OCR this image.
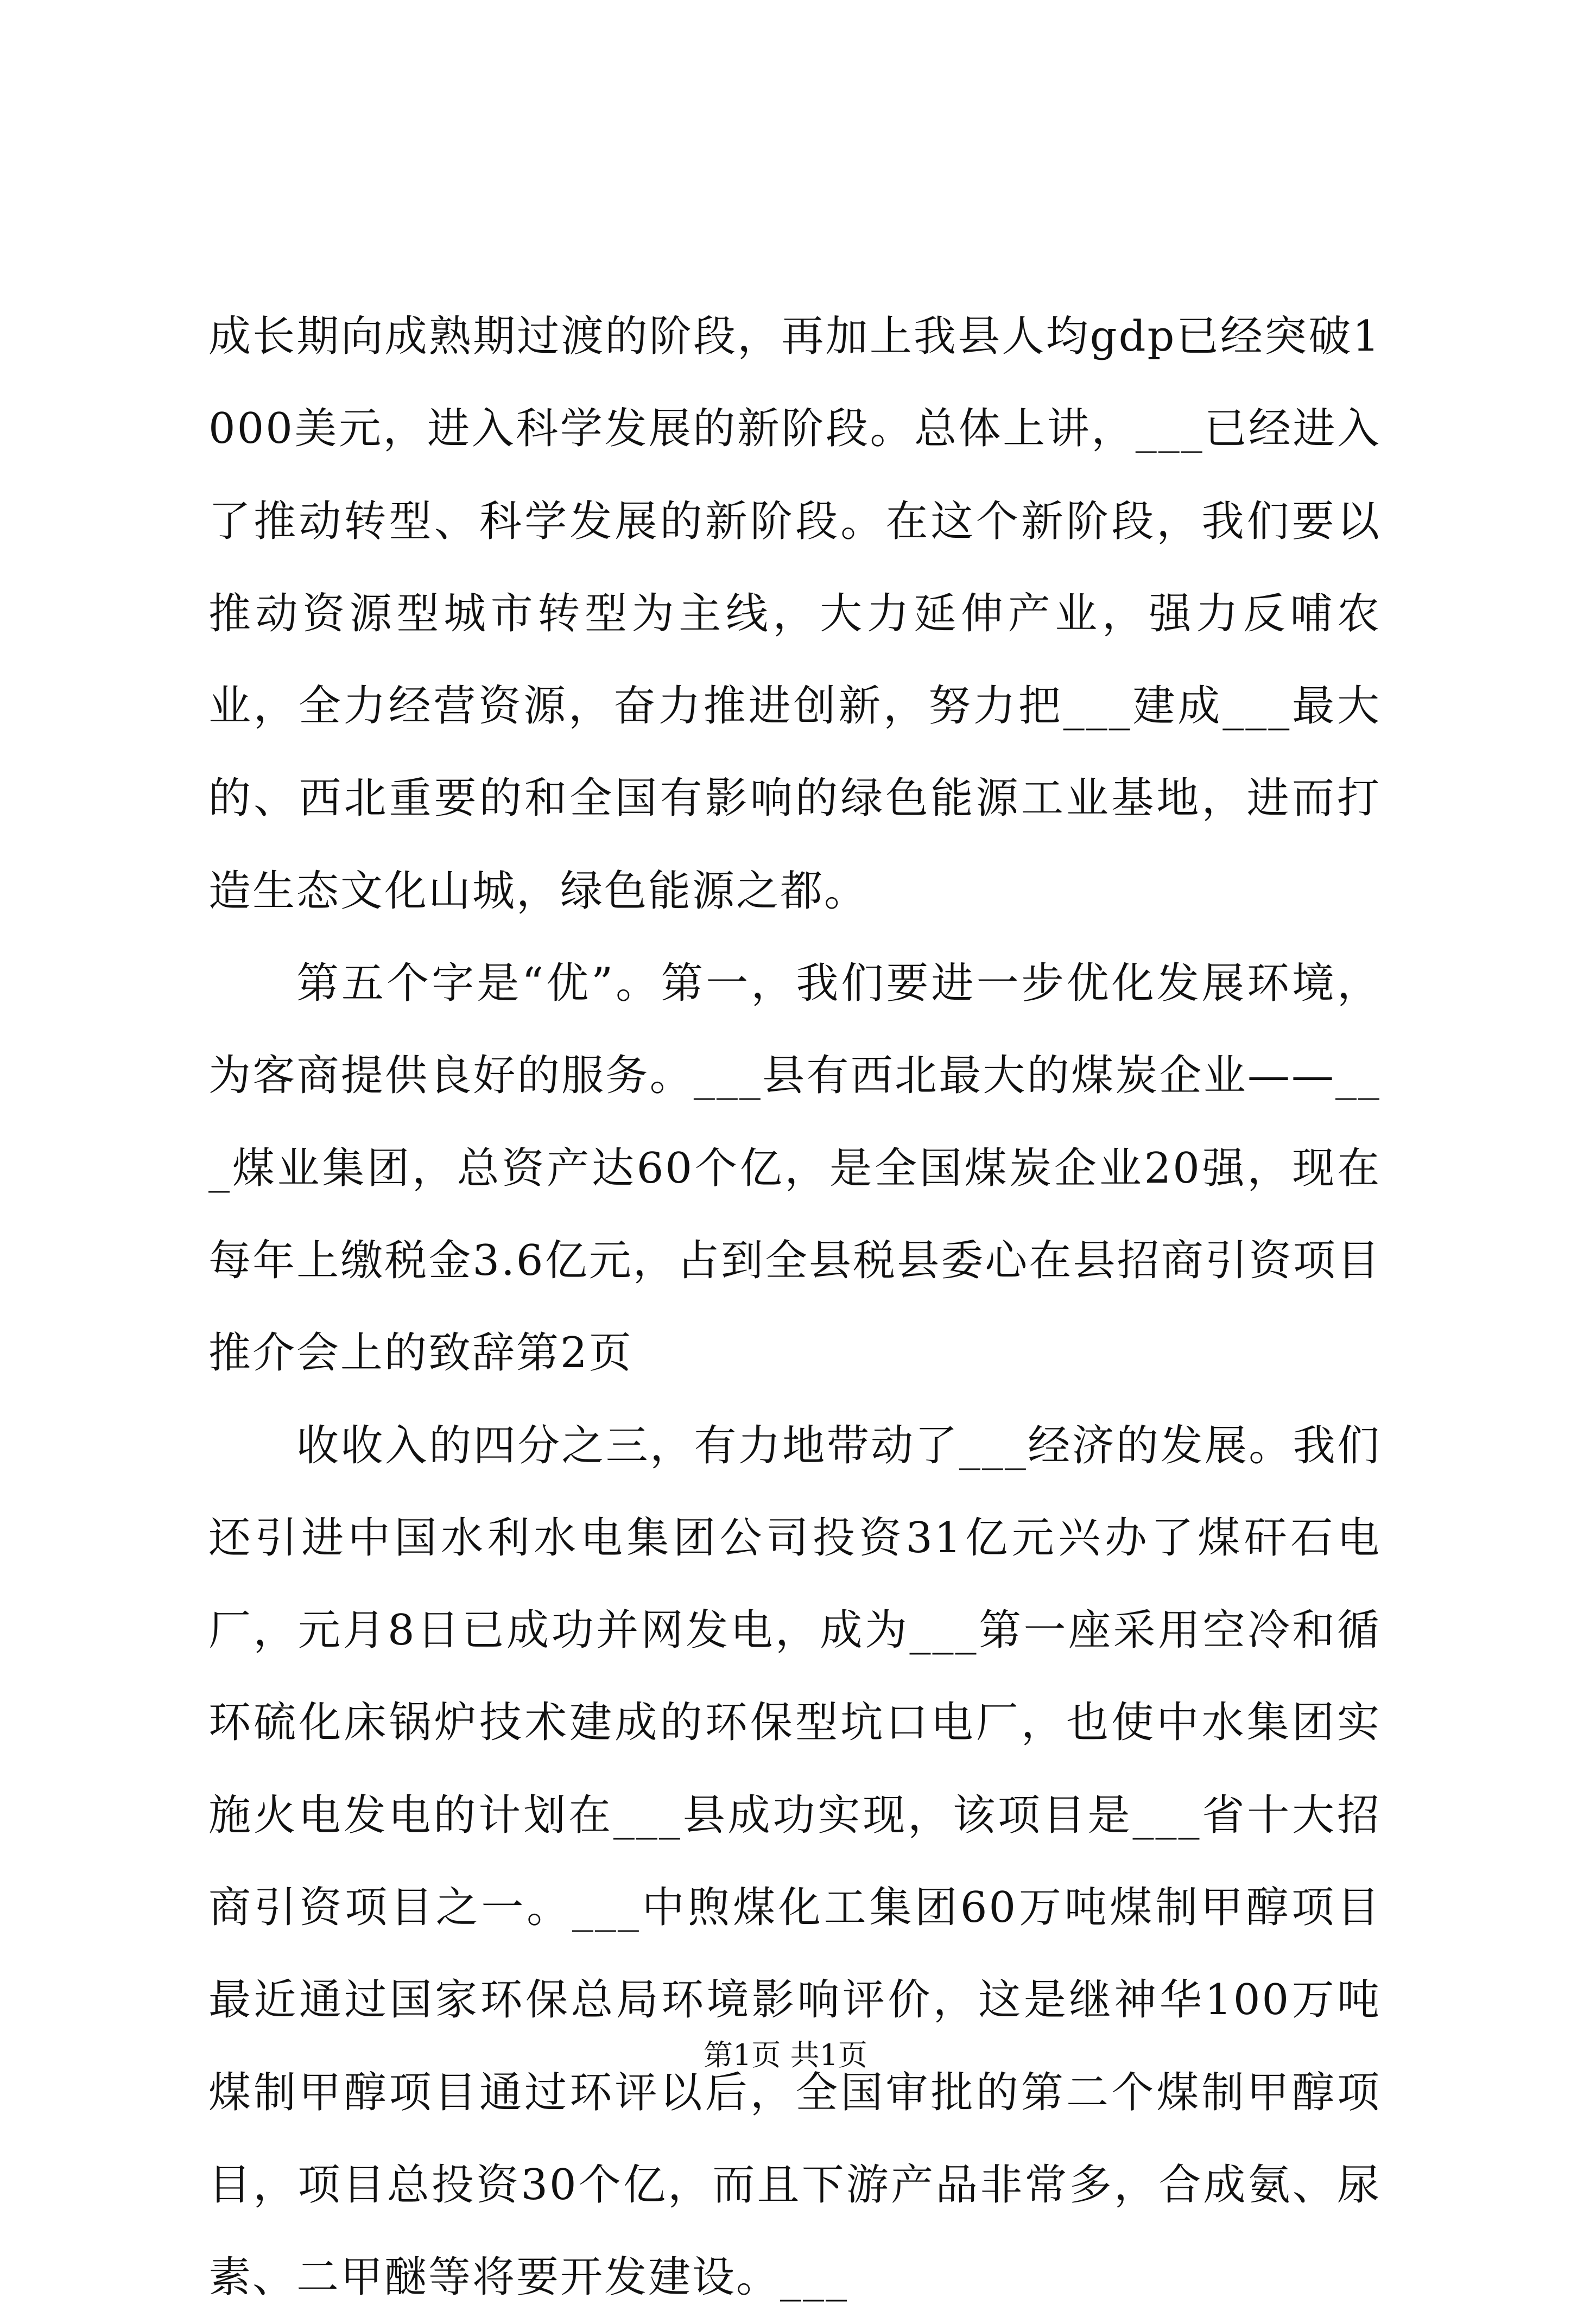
成长期向成熟期过渡的阶段，再加上我县人均gdp已经突破1000美元，进入科学发展的新阶段。总体上讲，___已经进入了推动转型、科学发展的新阶段。在这个新阶段，我们要以推动资源型城市转型为主线，大力延伸产业，强力反哺农业，全力经营资源，奋力推进创新，努力把___建成___最大的、西北重要的和全国有影响的绿色能源工业基地，进而打造生态文化山城，绿色能源之都。

第五个字是“优”。第一，我们要进一步优化发展环境，为客商提供良好的服务。___县有西北最大的煤炭企业——___煤业集团，总资产达60个亿，是全国煤炭企业20强，现在每年上缴税金3.6亿元，占到全县税县委心在县招商引资项目推介会上的致辞第2页

收收入的四分之三，有力地带动了___经济的发展。我们还引进中国水利水电集团公司投资31亿元兴办了煤矸石电厂，元月8日已成功并网发电，成为___第一座采用空冷和循环硫化床锅炉技术建成的环保型坑口电厂，也使中水集团实施火电发电的计划在___县成功实现，该项目是___省十大招商引资项目之一。___中煦煤化工集团60万吨煤制甲醇项目最近通过国家环保总局环境影响评价，这是继神华100万吨煤制甲醇项目通过环评以后，全国审批的第二个煤制甲醇项目，项目总投资30个亿，而且下游产品非常多，合成氨、尿素、二甲醚等将要开发建设。___

第1页 共1页
